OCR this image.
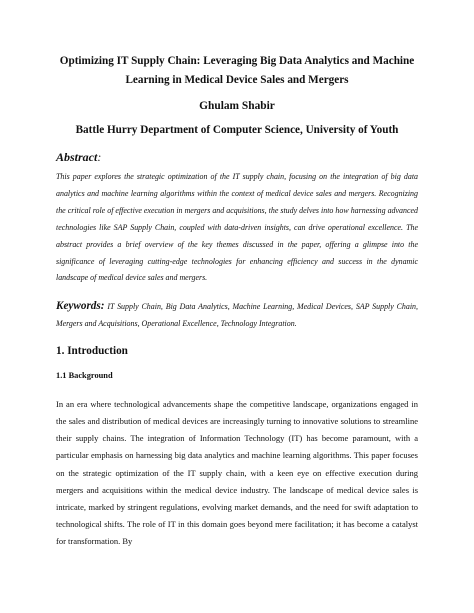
Optimizing IT Supply Chain: Leveraging Big Data Analytics and Machine Learning in Medical Device Sales and Mergers

Ghulam Shabir

Battle Hurry Department of Computer Science, University of Youth

Abstract:

This paper explores the strategic optimization of the IT supply chain, focusing on the integration of big data analytics and machine learning algorithms within the context of medical device sales and mergers. Recognizing the critical role of effective execution in mergers and acquisitions, the study delves into how harnessing advanced technologies like SAP Supply Chain, coupled with data-driven insights, can drive operational excellence. The abstract provides a brief overview of the key themes discussed in the paper, offering a glimpse into the significance of leveraging cutting-edge technologies for enhancing efficiency and success in the dynamic landscape of medical device sales and mergers.

Keywords: IT Supply Chain, Big Data Analytics, Machine Learning, Medical Devices, SAP Supply Chain, Mergers and Acquisitions, Operational Excellence, Technology Integration.

1. Introduction
1.1 Background

In an era where technological advancements shape the competitive landscape, organizations engaged in the sales and distribution of medical devices are increasingly turning to innovative solutions to streamline their supply chains. The integration of Information Technology (IT) has become paramount, with a particular emphasis on harnessing big data analytics and machine learning algorithms. This paper focuses on the strategic optimization of the IT supply chain, with a keen eye on effective execution during mergers and acquisitions within the medical device industry. The landscape of medical device sales is intricate, marked by stringent regulations, evolving market demands, and the need for swift adaptation to technological shifts. The role of IT in this domain goes beyond mere facilitation; it has become a catalyst for transformation. By
